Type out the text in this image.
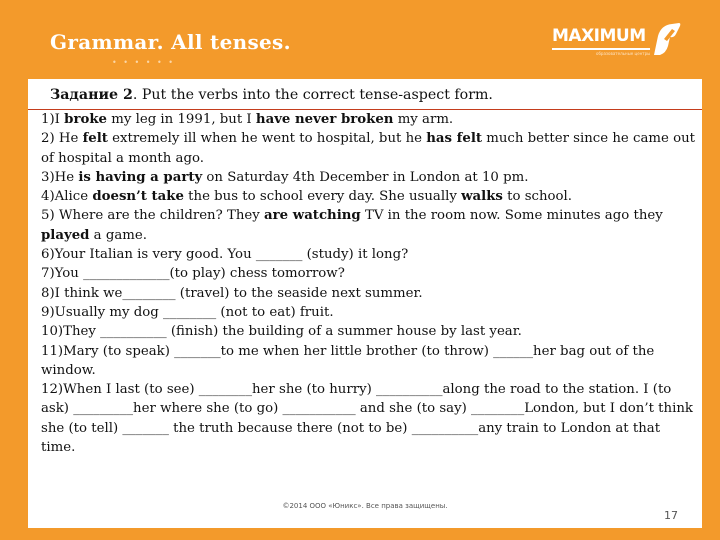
Grammar. All tenses.
• • • • • •
MAXIMUM
образовательные центры
Задание 2. Put the verbs into the correct tense-aspect form.

1)I broke my leg in 1991, but I have never broken my arm.

2) He felt extremely ill when he went to hospital, but he has felt much better since he came out of hospital a month ago.

3)He is having a party on Saturday 4th December in London at 10 pm.

4)Alice doesn’t take the bus to school every day. She usually walks to school.

5) Where are the children? They are watching TV in the room now. Some minutes ago they played a game.

6)Your Italian is very good. You _______ (study) it long?

7)You _____________(to play) chess tomorrow?

8)I think we________ (travel) to the seaside next summer.

9)Usually my dog ________ (not to eat) fruit.

10)They __________ (finish) the building of a summer house by last year.

11)Mary (to speak) _______to me when her little brother (to throw) ______her bag out of the window.

12)When I last (to see) ________her she (to hurry) __________along the road to the station. I (to ask) _________her where she (to go) ___________ and she (to say) ________London, but I don’t think she (to tell) _______ the truth because there (not to be) __________any train to London at that time.

©2014 ООО «Юникс». Все права защищены.
17
